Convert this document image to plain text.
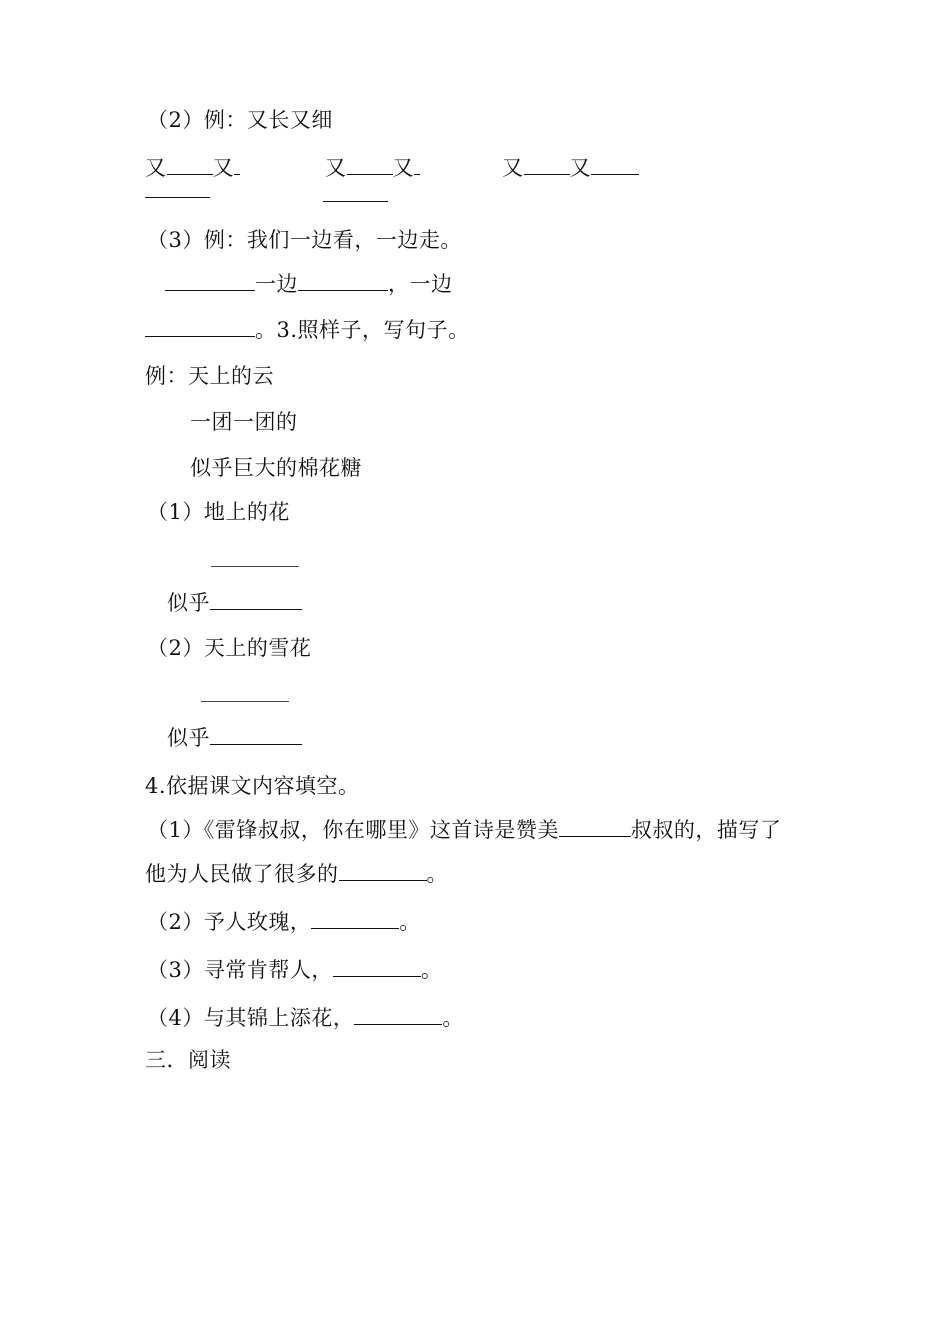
（2）例：又长又细
又 又	又 又	又 又
（3）例：我们一边看，一边走。
一边	，一边
。3.照样子，写句子。
例：天上的云
一团一团的
似乎巨大的棉花糖
（1）地上的花
似乎
（2）天上的雪花
似乎
4.依据课文内容填空。
（1）《雷锋叔叔，你在哪里》这首诗是赞美	叔叔的，描写了
他为人民做了很多的	。
（2）予人玫瑰，	。
（3）寻常肯帮人，	。
（4）与其锦上添花，	。
三．阅读
